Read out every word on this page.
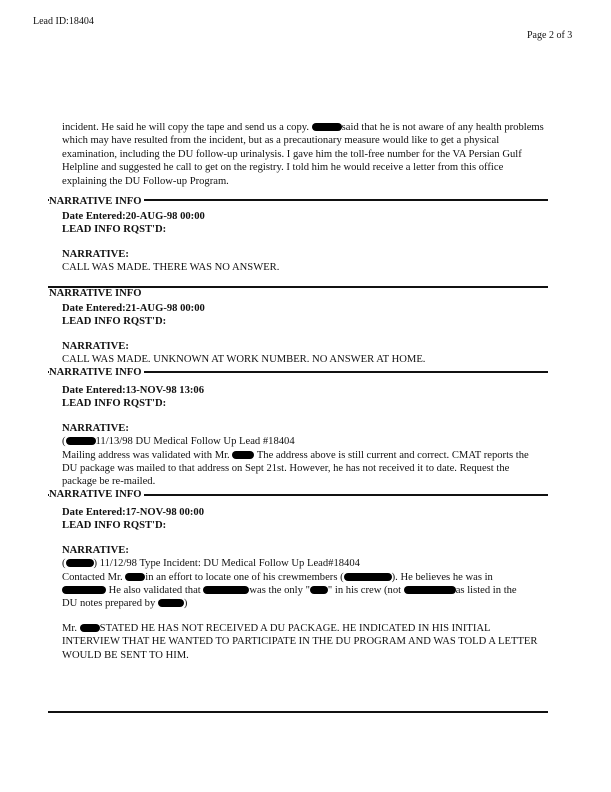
Lead ID:18404
Page 2 of 3
incident. He said he will copy the tape and send us a copy.	said that he is not aware of any health problems
which may have resulted from the incident, but as a precautionary measure would like to get a physical
examination, including the DU follow-up urinalysis. I gave him the toll-free number for the VA Persian Gulf
Helpline and suggested he call to get on the registry. I told him he would receive a letter from this office
explaining the DU Follow-up Program.
NARRATIVE INFO
Date Entered:20-AUG-98 00:00
LEAD INFO RQST'D:
NARRATIVE:
CALL WAS MADE. THERE WAS NO ANSWER.
NARRATIVE INFO
Date Entered:21-AUG-98 00:00
LEAD INFO RQST'D:
NARRATIVE:
CALL WAS MADE. UNKNOWN AT WORK NUMBER. NO ANSWER AT HOME.
NARRATIVE INFO
Date Entered:13-NOV-98 13:06
LEAD INFO RQST'D:
NARRATIVE:
(	11/13/98 DU Medical Follow Up Lead #18404
Mailing address was validated with Mr.  The address above is still current and correct. CMAT reports the
DU package was mailed to that address on Sept 21st. However, he has not received it to date. Request the
package be re-mailed.
NARRATIVE INFO
Date Entered:17-NOV-98 00:00
LEAD INFO RQST'D:
NARRATIVE:
(	) 11/12/98 Type Incident: DU Medical Follow Up Lead#18404
Contacted Mr. in an effort to locate one of his crewmembers (	). He believes he was in
He also validated that	was the only " " in his crew (not	as listed in the
DU notes prepared by )
Mr. STATED HE HAS NOT RECEIVED A DU PACKAGE. HE INDICATED IN HIS INITIAL
INTERVIEW THAT HE WANTED TO PARTICIPATE IN THE DU PROGRAM AND WAS TOLD A LETTER
WOULD BE SENT TO HIM.
